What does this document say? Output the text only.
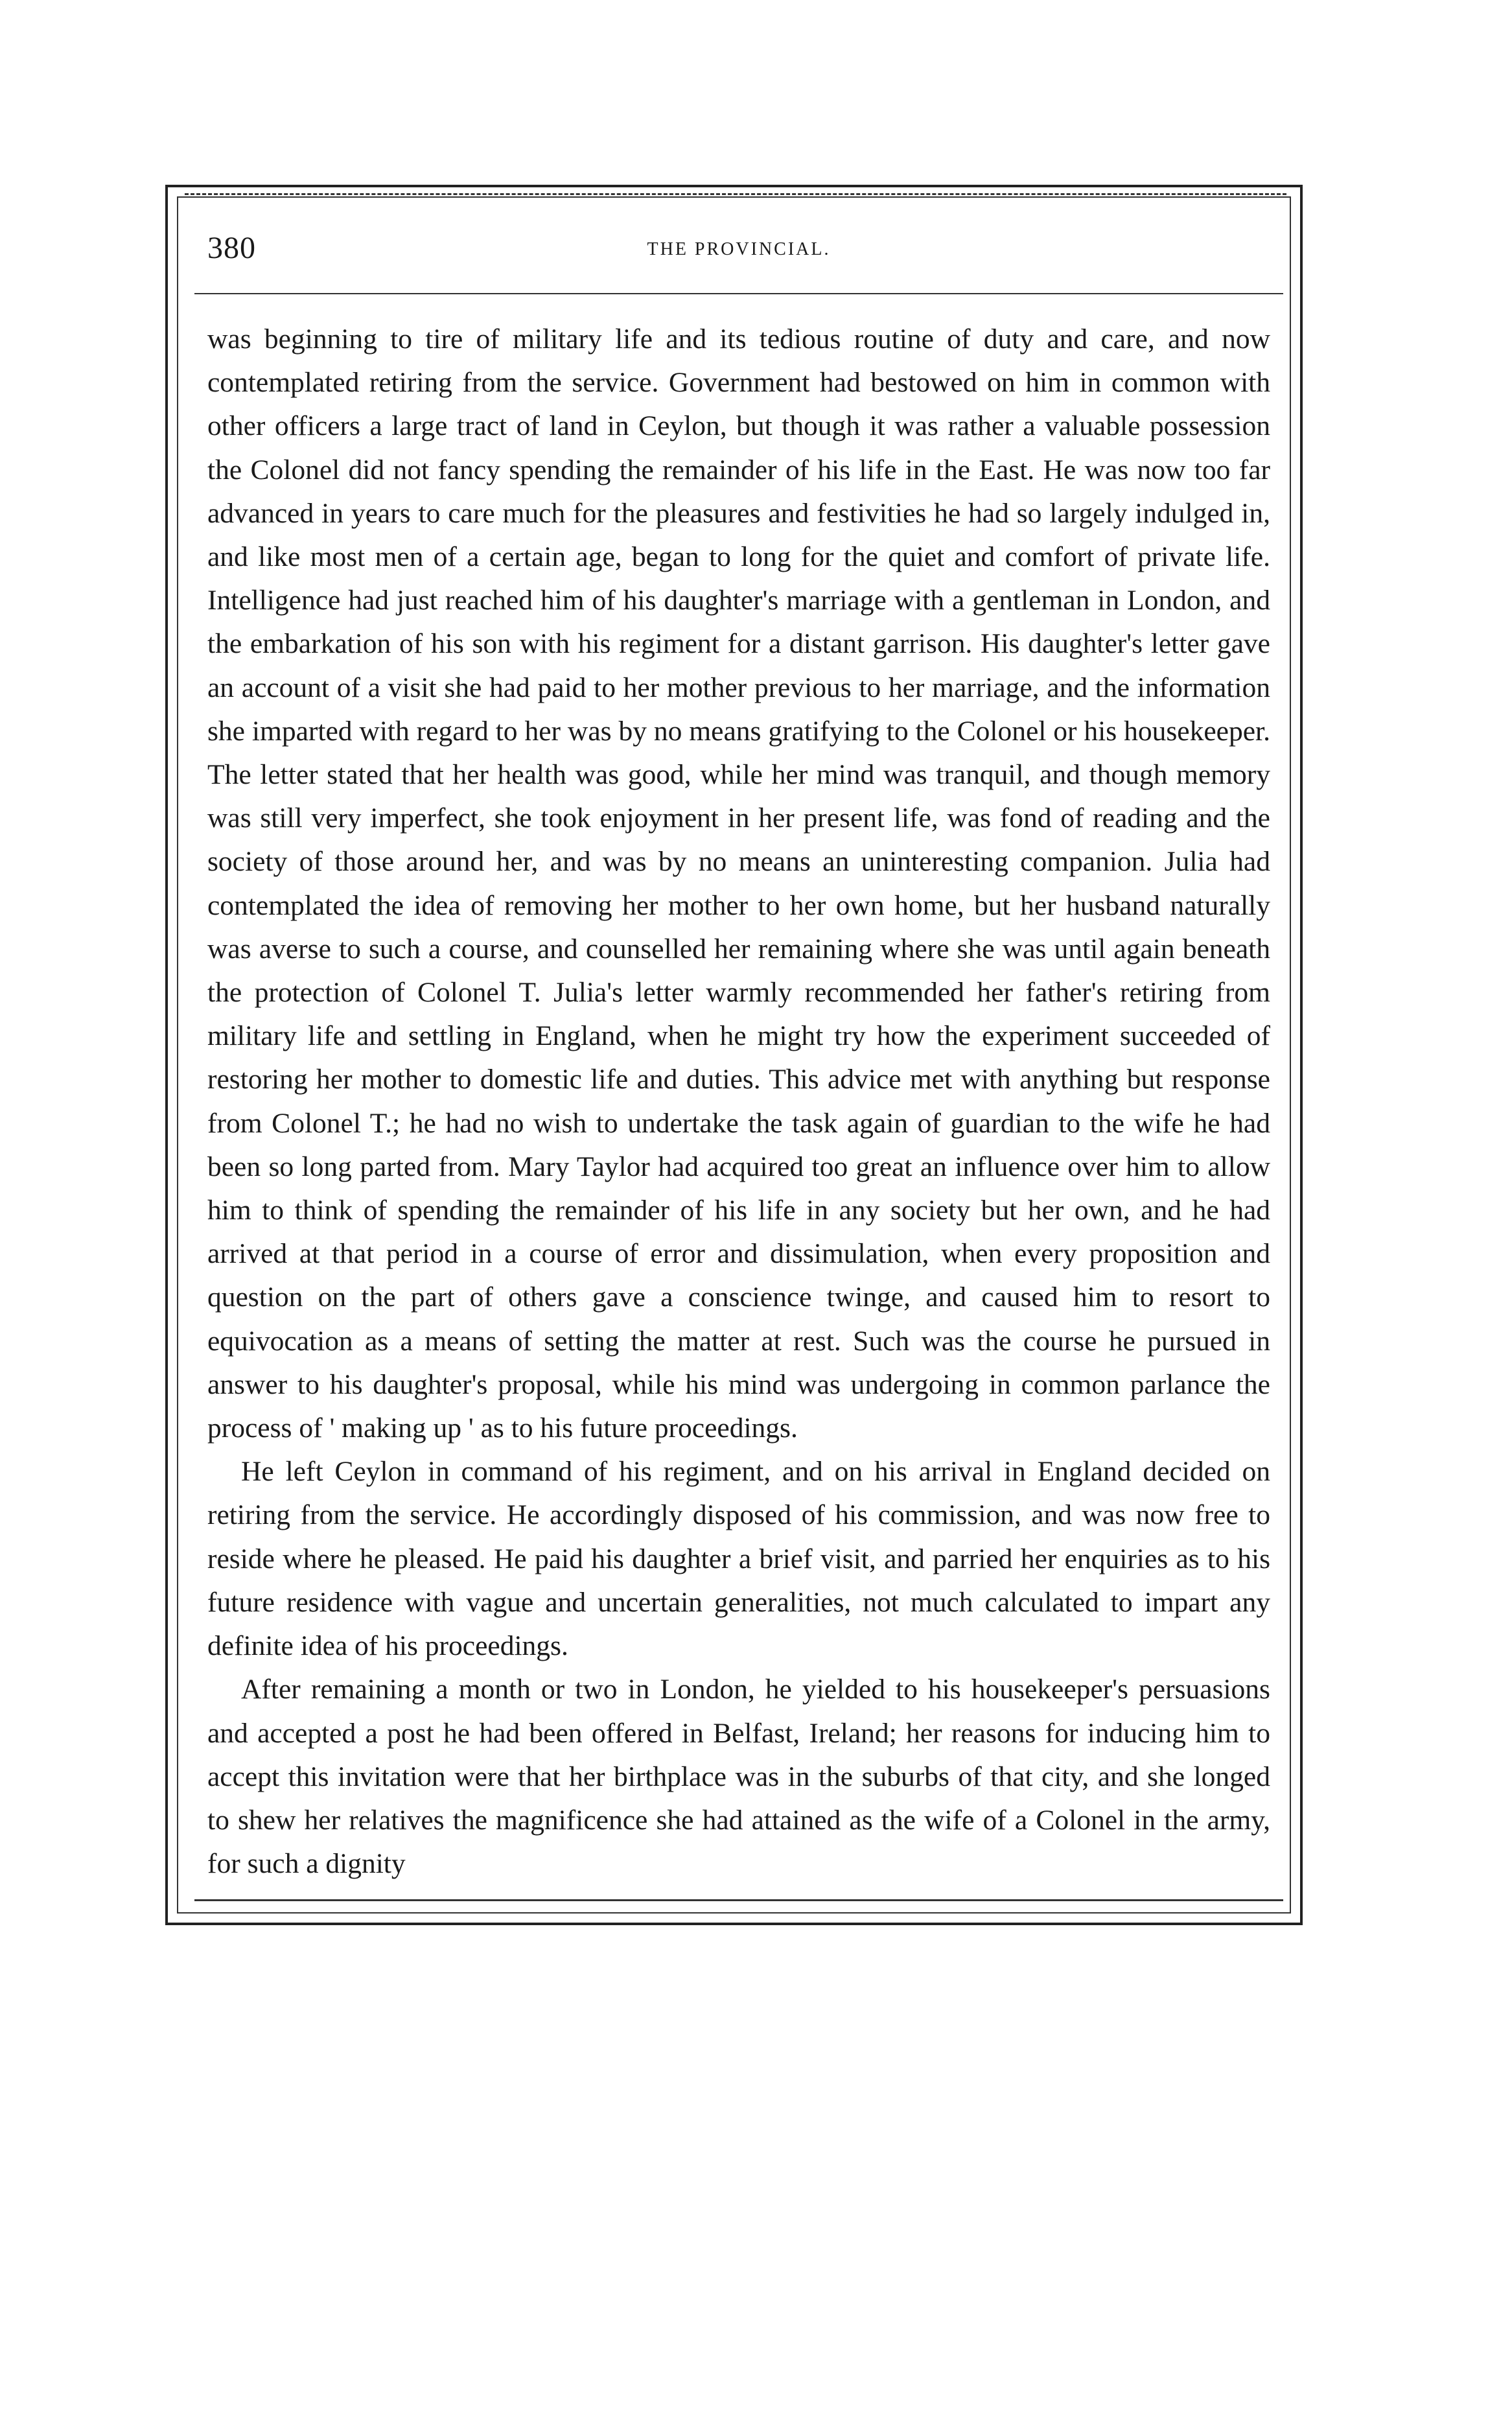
380	THE PROVINCIAL.

was beginning to tire of military life and its tedious routine of duty and care, and now contemplated retiring from the service. Government had bestowed on him in common with other officers a large tract of land in Ceylon, but though it was rather a valuable possession the Colonel did not fancy spending the remainder of his life in the East. He was now too far advanced in years to care much for the pleasures and festivities he had so largely indulged in, and like most men of a certain age, began to long for the quiet and comfort of private life. Intelligence had just reached him of his daughter's marriage with a gentleman in London, and the embarkation of his son with his regiment for a distant garrison. His daughter's letter gave an account of a visit she had paid to her mother previous to her marriage, and the information she imparted with regard to her was by no means gratifying to the Colonel or his housekeeper. The letter stated that her health was good, while her mind was tranquil, and though memory was still very imperfect, she took enjoyment in her present life, was fond of reading and the society of those around her, and was by no means an uninteresting companion. Julia had contemplated the idea of removing her mother to her own home, but her husband naturally was averse to such a course, and counselled her remaining where she was until again beneath the protection of Colonel T. Julia's letter warmly recommended her father's retiring from military life and settling in England, when he might try how the experiment succeeded of restoring her mother to domestic life and duties. This advice met with anything but response from Colonel T.; he had no wish to undertake the task again of guardian to the wife he had been so long parted from. Mary Taylor had acquired too great an influence over him to allow him to think of spending the remainder of his life in any society but her own, and he had arrived at that period in a course of error and dissimulation, when every proposition and question on the part of others gave a conscience twinge, and caused him to resort to equivocation as a means of setting the matter at rest. Such was the course he pursued in answer to his daughter's proposal, while his mind was undergoing in common parlance the process of ' making up ' as to his future proceedings.

He left Ceylon in command of his regiment, and on his arrival in England decided on retiring from the service. He accordingly disposed of his commission, and was now free to reside where he pleased. He paid his daughter a brief visit, and parried her enquiries as to his future residence with vague and uncertain generalities, not much calculated to impart any definite idea of his proceedings.

After remaining a month or two in London, he yielded to his housekeeper's persuasions and accepted a post he had been offered in Belfast, Ireland; her reasons for inducing him to accept this invitation were that her birthplace was in the suburbs of that city, and she longed to shew her relatives the magnificence she had attained as the wife of a Colonel in the army, for such a dignity
